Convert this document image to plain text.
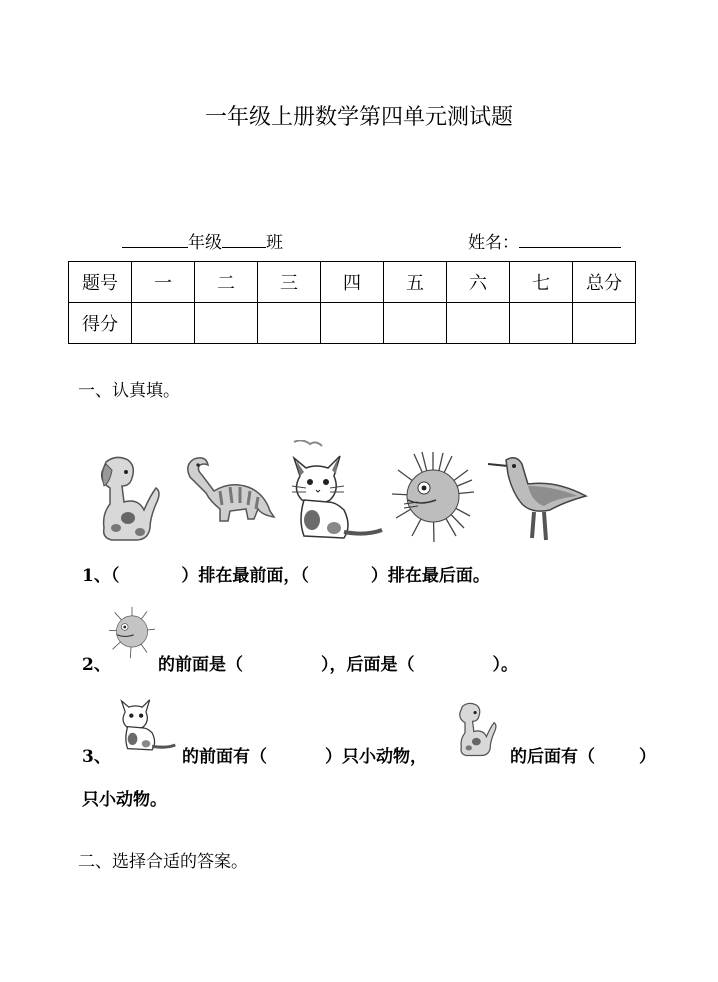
一年级上册数学第四单元测试题
年级	班	姓名：
题号	一	二	三	四	五	六	七	总分
得分								
一、认真填。
1、（	）排在最前面，（	）排在最后面。
2、	的前面是（	），后面是（	）。
3、	的前面有（	）只小动物，	的后面有（	）
只小动物。
二、选择合适的答案。
